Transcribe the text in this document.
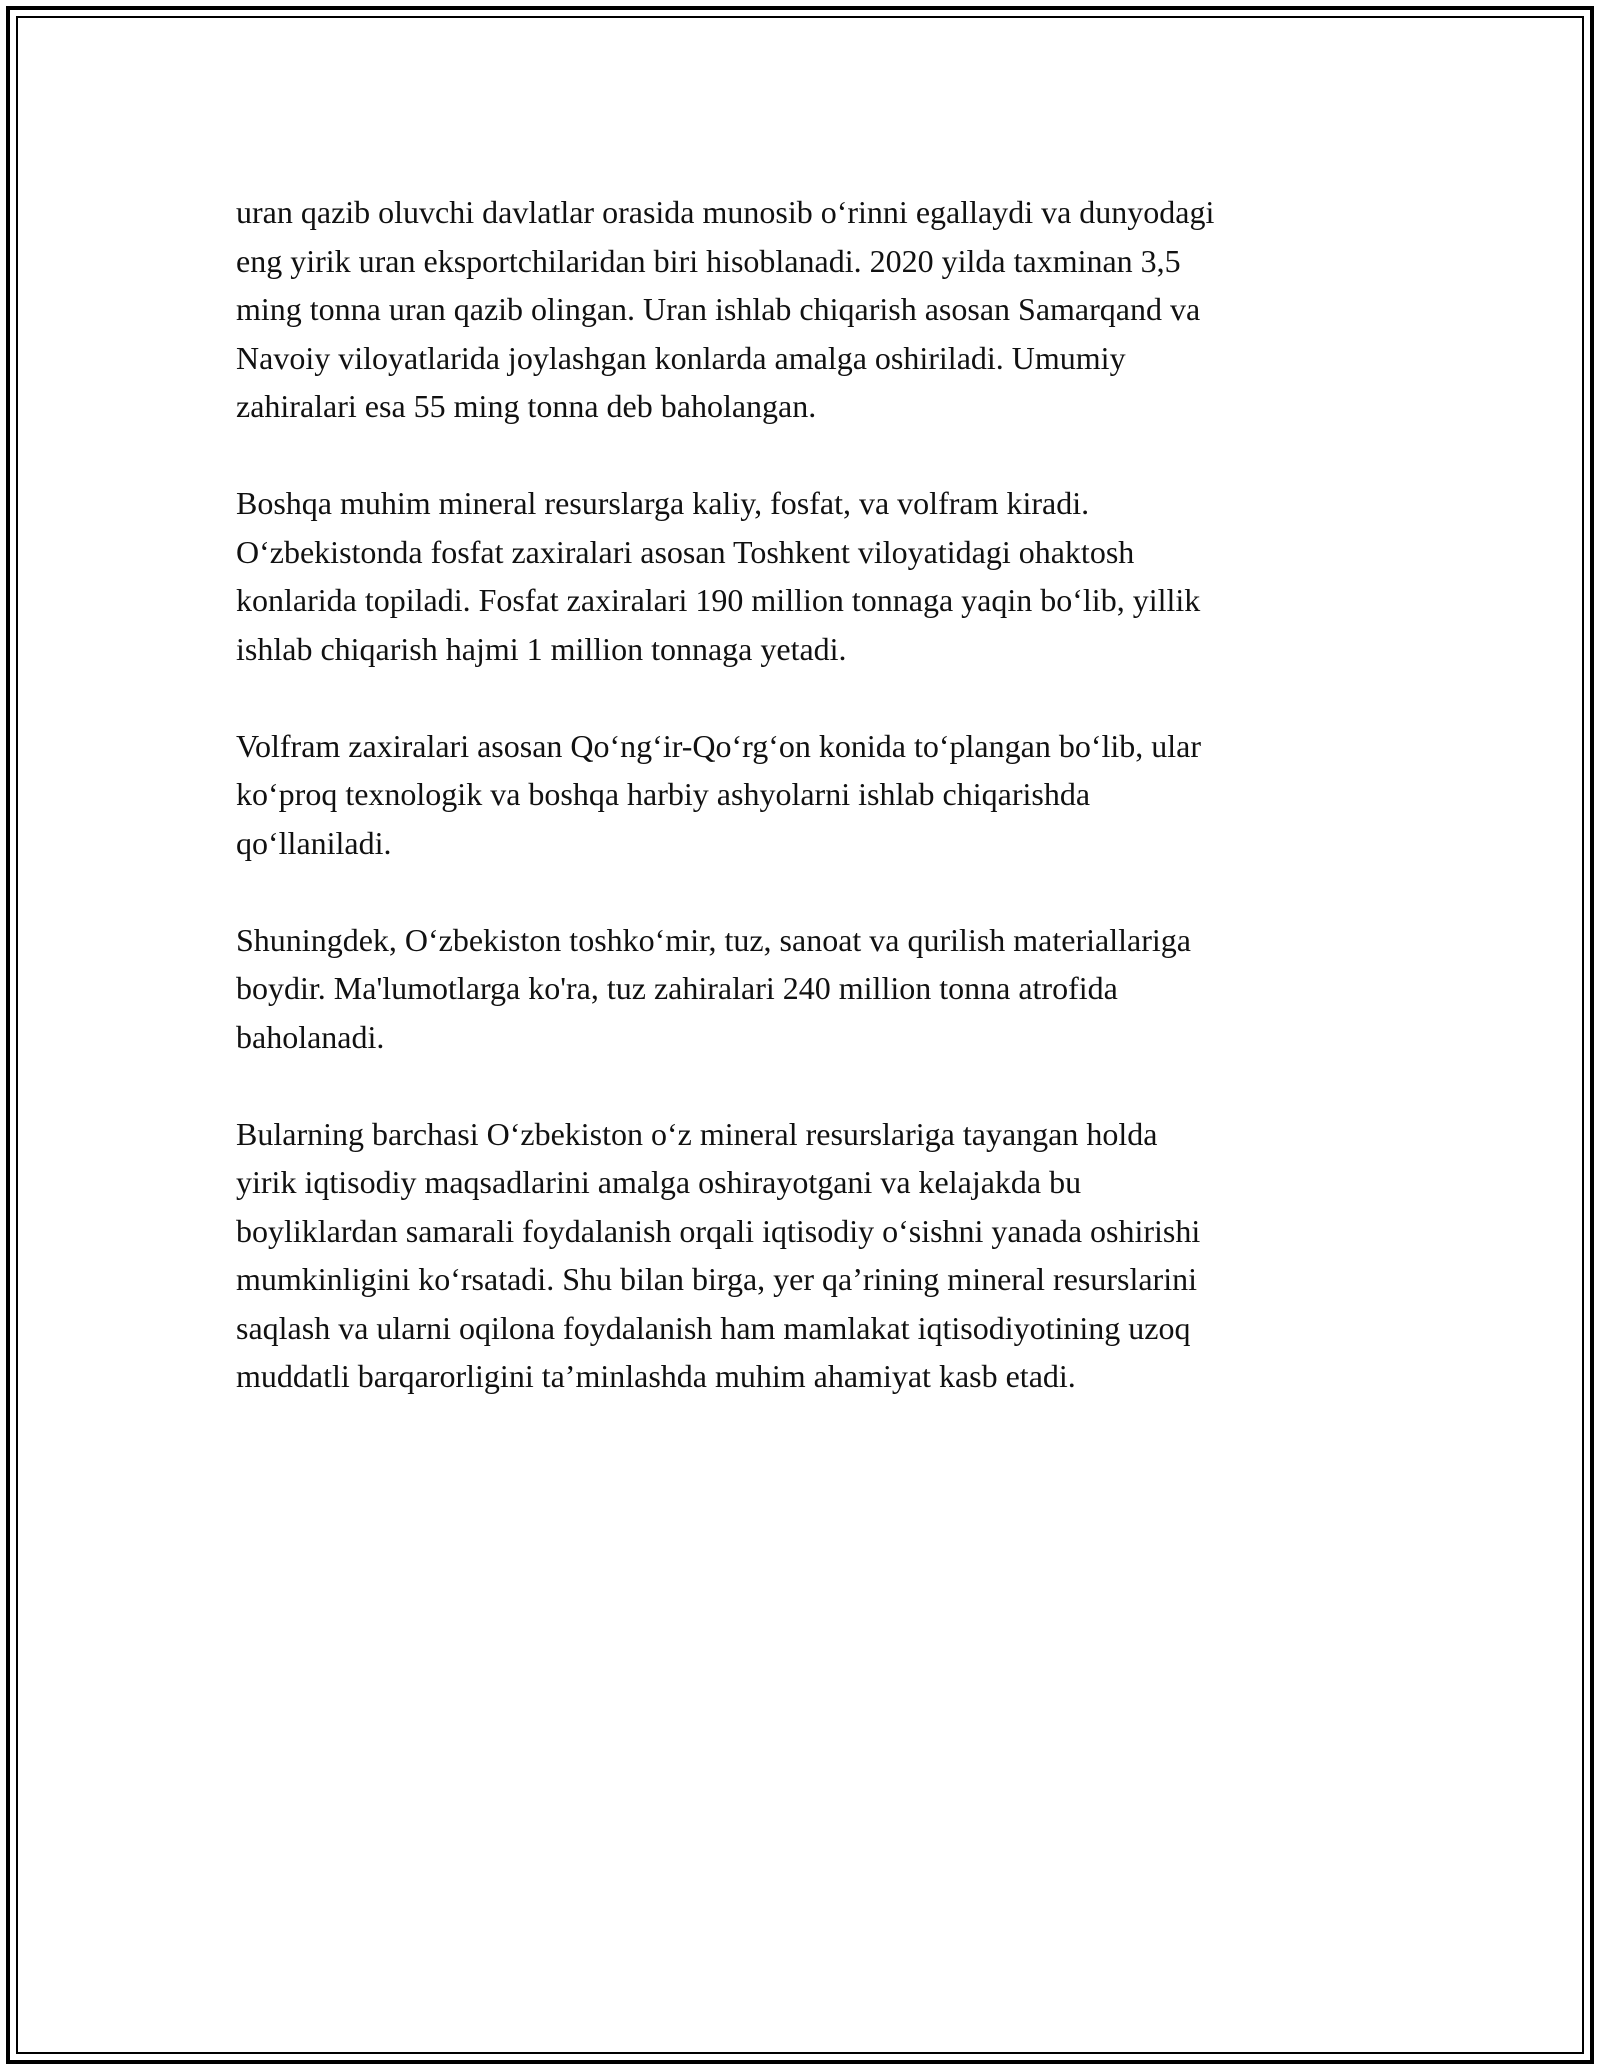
uran qazib oluvchi davlatlar orasida munosib o‘rinni egallaydi va dunyodagi
eng yirik uran eksportchilaridan biri hisoblanadi. 2020 yilda taxminan 3,5
ming tonna uran qazib olingan. Uran ishlab chiqarish asosan Samarqand va
Navoiy viloyatlarida joylashgan konlarda amalga oshiriladi. Umumiy
zahiralari esa 55 ming tonna deb baholangan.

Boshqa muhim mineral resurslarga kaliy, fosfat, va volfram kiradi.
O‘zbekistonda fosfat zaxiralari asosan Toshkent viloyatidagi ohaktosh
konlarida topiladi. Fosfat zaxiralari 190 million tonnaga yaqin bo‘lib, yillik
ishlab chiqarish hajmi 1 million tonnaga yetadi.

Volfram zaxiralari asosan Qo‘ng‘ir-Qo‘rg‘on konida to‘plangan bo‘lib, ular
ko‘proq texnologik va boshqa harbiy ashyolarni ishlab chiqarishda
qo‘llaniladi.

Shuningdek, O‘zbekiston toshko‘mir, tuz, sanoat va qurilish materiallariga
boydir. Ma'lumotlarga ko'ra, tuz zahiralari 240 million tonna atrofida
baholanadi.

Bularning barchasi O‘zbekiston o‘z mineral resurslariga tayangan holda
yirik iqtisodiy maqsadlarini amalga oshirayotgani va kelajakda bu
boyliklardan samarali foydalanish orqali iqtisodiy o‘sishni yanada oshirishi
mumkinligini ko‘rsatadi. Shu bilan birga, yer qa’rining mineral resurslarini
saqlash va ularni oqilona foydalanish ham mamlakat iqtisodiyotining uzoq
muddatli barqarorligini ta’minlashda muhim ahamiyat kasb etadi.
